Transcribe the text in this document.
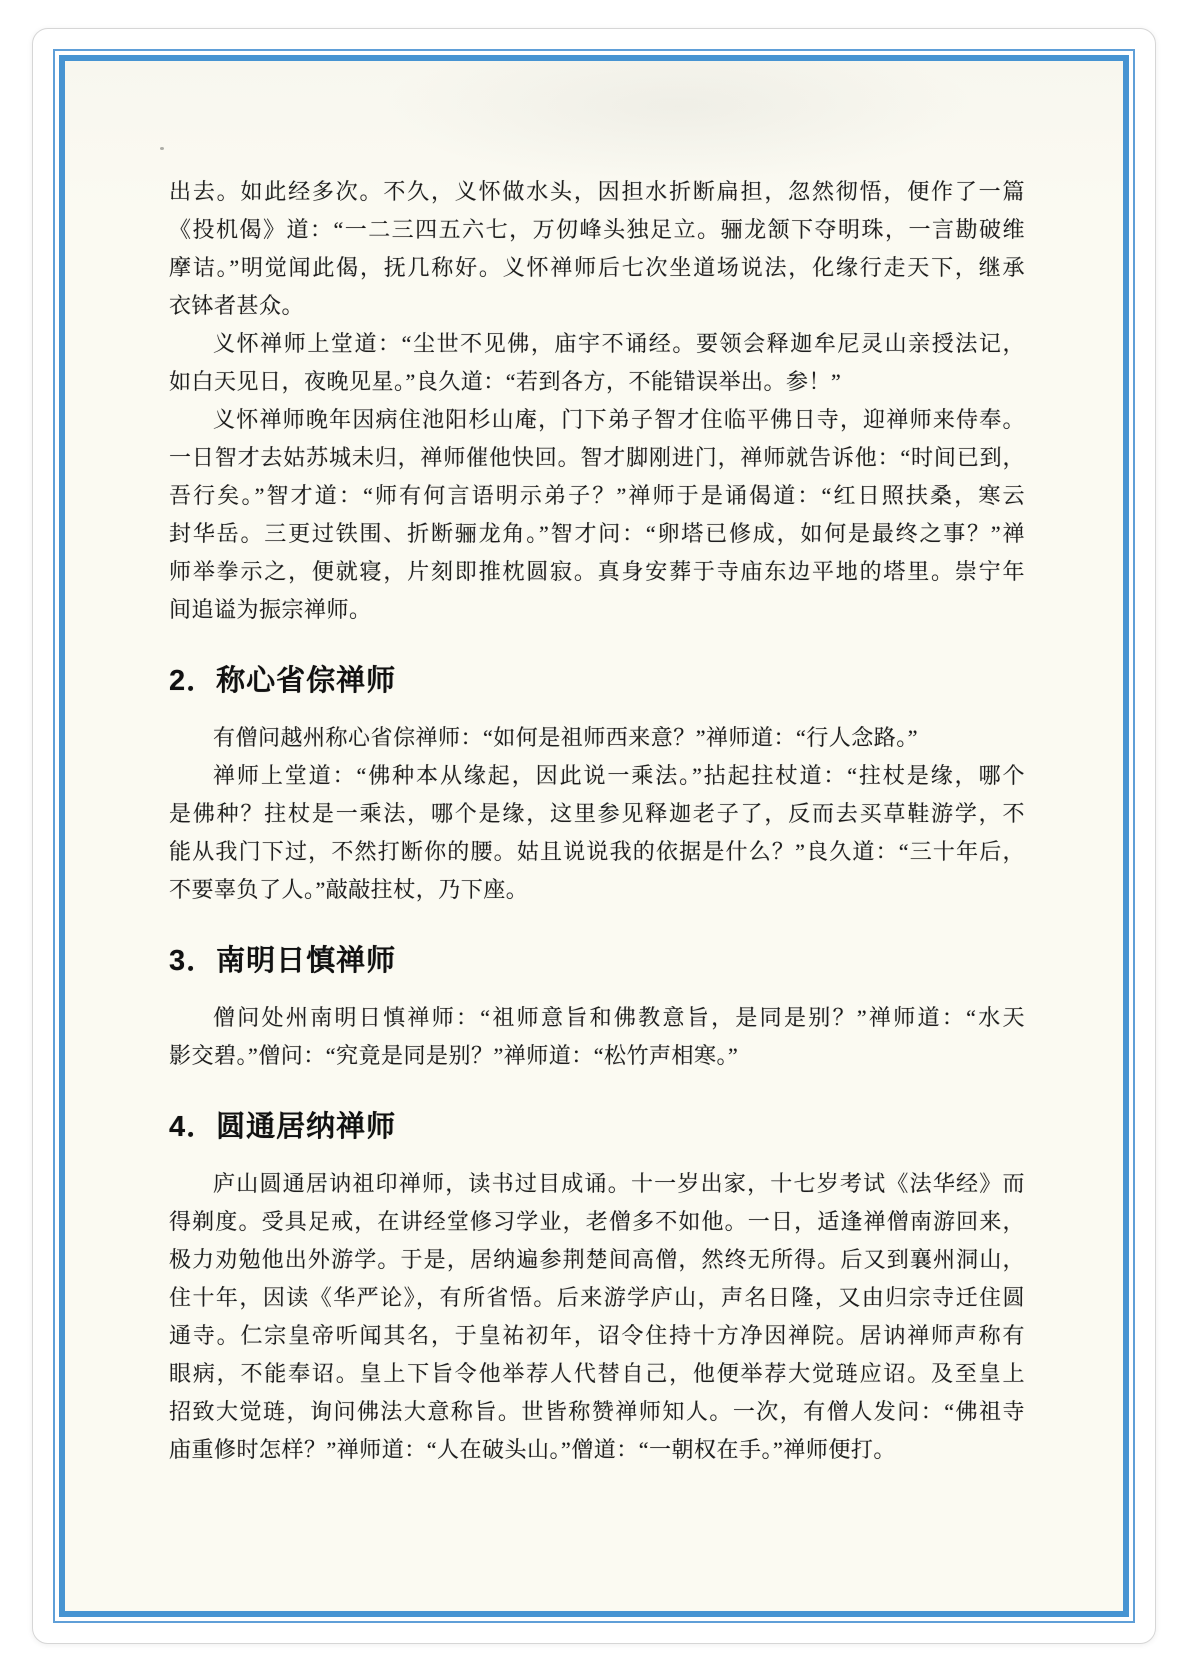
出去。如此经多次。不久，义怀做水头，因担水折断扁担，忽然彻悟，便作了一篇
《投机偈》道：“一二三四五六七，万仞峰头独足立。骊龙颔下夺明珠，一言勘破维
摩诘。”明觉闻此偈，抚几称好。义怀禅师后七次坐道场说法，化缘行走天下，继承
衣钵者甚众。
义怀禅师上堂道：“尘世不见佛，庙宇不诵经。要领会释迦牟尼灵山亲授法记，
如白天见日，夜晚见星。”良久道：“若到各方，不能错误举出。参！”
义怀禅师晚年因病住池阳杉山庵，门下弟子智才住临平佛日寺，迎禅师来侍奉。
一日智才去姑苏城未归，禅师催他快回。智才脚刚进门，禅师就告诉他：“时间已到，
吾行矣。”智才道：“师有何言语明示弟子？”禅师于是诵偈道：“红日照扶桑，寒云
封华岳。三更过铁围、折断骊龙角。”智才问：“卵塔已修成，如何是最终之事？”禅
师举拳示之，便就寝，片刻即推枕圆寂。真身安葬于寺庙东边平地的塔里。崇宁年
间追谥为振宗禅师。
2．称心省倧禅师
有僧问越州称心省倧禅师：“如何是祖师西来意？”禅师道：“行人念路。”
禅师上堂道：“佛种本从缘起，因此说一乘法。”拈起拄杖道：“拄杖是缘，哪个
是佛种？拄杖是一乘法，哪个是缘，这里参见释迦老子了，反而去买草鞋游学，不
能从我门下过，不然打断你的腰。姑且说说我的依据是什么？”良久道：“三十年后，
不要辜负了人。”敲敲拄杖，乃下座。
3．南明日慎禅师
僧问处州南明日慎禅师：“祖师意旨和佛教意旨，是同是别？”禅师道：“水天
影交碧。”僧问：“究竟是同是别？”禅师道：“松竹声相寒。”
4．圆通居纳禅师
庐山圆通居讷祖印禅师，读书过目成诵。十一岁出家，十七岁考试《法华经》而
得剃度。受具足戒，在讲经堂修习学业，老僧多不如他。一日，适逢禅僧南游回来，
极力劝勉他出外游学。于是，居纳遍参荆楚间高僧，然终无所得。后又到襄州洞山，
住十年，因读《华严论》，有所省悟。后来游学庐山，声名日隆，又由归宗寺迁住圆
通寺。仁宗皇帝听闻其名，于皇祐初年，诏令住持十方净因禅院。居讷禅师声称有
眼病，不能奉诏。皇上下旨令他举荐人代替自己，他便举荐大觉琏应诏。及至皇上
招致大觉琏，询问佛法大意称旨。世皆称赞禅师知人。一次，有僧人发问：“佛祖寺
庙重修时怎样？”禅师道：“人在破头山。”僧道：“一朝权在手。”禅师便打。
